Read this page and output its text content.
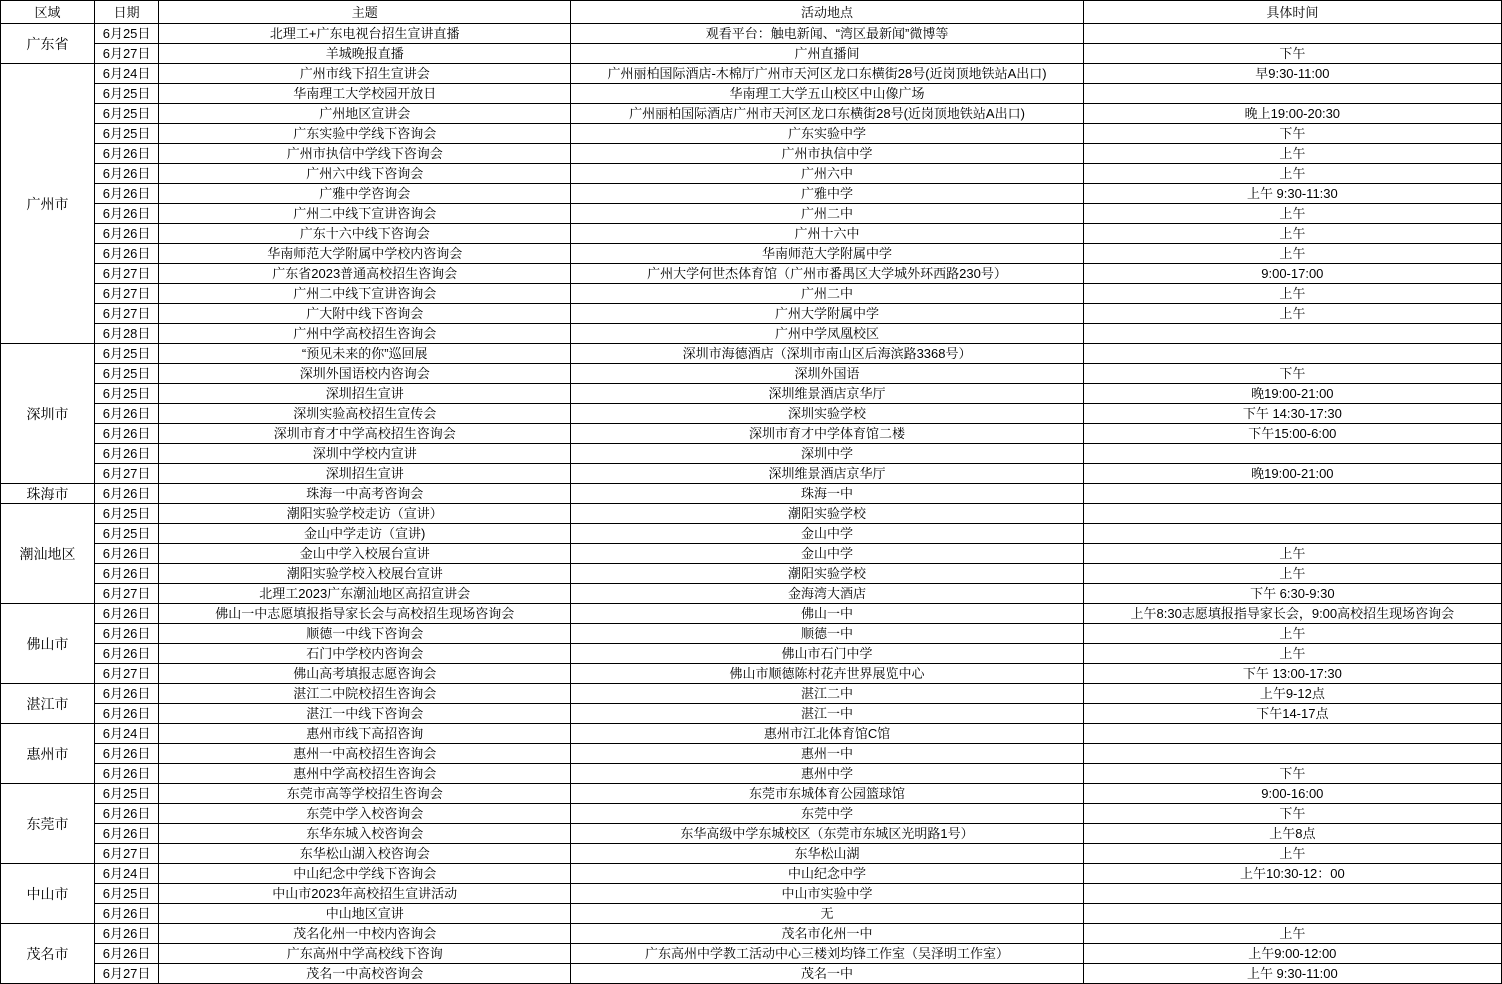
区域	日期	主题	活动地点	具体时间
广东省	6月25日	北理工+广东电视台招生宣讲直播	观看平台：触电新闻、“湾区最新闻”微博等	
	6月27日	羊城晚报直播	广州直播间	下午
广州市	6月24日	广州市线下招生宣讲会	广州丽柏国际酒店-木棉厅广州市天河区龙口东横街28号(近岗顶地铁站A出口)	早9:30-11:00
	6月25日	华南理工大学校园开放日	华南理工大学五山校区中山像广场	
	6月25日	广州地区宣讲会	广州丽柏国际酒店广州市天河区龙口东横街28号(近岗顶地铁站A出口)	晚上19:00-20:30
	6月25日	广东实验中学线下咨询会	广东实验中学	下午
	6月26日	广州市执信中学线下咨询会	广州市执信中学	上午
	6月26日	广州六中线下咨询会	广州六中	上午
	6月26日	广雅中学咨询会	广雅中学	上午 9:30-11:30
	6月26日	广州二中线下宣讲咨询会	广州二中	上午
	6月26日	广东十六中线下咨询会	广州十六中	上午
	6月26日	华南师范大学附属中学校内咨询会	华南师范大学附属中学	上午
	6月27日	广东省2023普通高校招生咨询会	广州大学何世杰体育馆（广州市番禺区大学城外环西路230号）	9:00-17:00
	6月27日	广州二中线下宣讲咨询会	广州二中	上午
	6月27日	广大附中线下咨询会	广州大学附属中学	上午
	6月28日	广州中学高校招生咨询会	广州中学凤凰校区	
深圳市	6月25日	“预见未来的你”巡回展	深圳市海德酒店（深圳市南山区后海滨路3368号）	
	6月25日	深圳外国语校内咨询会	深圳外国语	下午
	6月25日	深圳招生宣讲	深圳维景酒店京华厅	晚19:00-21:00
	6月26日	深圳实验高校招生宣传会	深圳实验学校	下午 14:30-17:30
	6月26日	深圳市育才中学高校招生咨询会	深圳市育才中学体育馆二楼	下午15:00-6:00
	6月26日	深圳中学校内宣讲	深圳中学	
	6月27日	深圳招生宣讲	深圳维景酒店京华厅	晚19:00-21:00
珠海市	6月26日	珠海一中高考咨询会	珠海一中	
潮汕地区	6月25日	潮阳实验学校走访（宣讲）	潮阳实验学校	
	6月25日	金山中学走访（宣讲)	金山中学	
	6月26日	金山中学入校展台宣讲	金山中学	上午
	6月26日	潮阳实验学校入校展台宣讲	潮阳实验学校	上午
	6月27日	北理工2023广东潮汕地区高招宣讲会	金海湾大酒店	下午 6:30-9:30
佛山市	6月26日	佛山一中志愿填报指导家长会与高校招生现场咨询会	佛山一中	上午8:30志愿填报指导家长会，9:00高校招生现场咨询会
	6月26日	顺德一中线下咨询会	顺德一中	上午
	6月26日	石门中学校内咨询会	佛山市石门中学	上午
	6月27日	佛山高考填报志愿咨询会	佛山市顺德陈村花卉世界展览中心	下午 13:00-17:30
湛江市	6月26日	湛江二中院校招生咨询会	湛江二中	上午9-12点
	6月26日	湛江一中线下咨询会	湛江一中	下午14-17点
惠州市	6月24日	惠州市线下高招咨询	惠州市江北体育馆C馆	
	6月26日	惠州一中高校招生咨询会	惠州一中	
	6月26日	惠州中学高校招生咨询会	惠州中学	下午
东莞市	6月25日	东莞市高等学校招生咨询会	东莞市东城体育公园篮球馆	9:00-16:00
	6月26日	东莞中学入校咨询会	东莞中学	下午
	6月26日	东华东城入校咨询会	东华高级中学东城校区（东莞市东城区光明路1号）	上午8点
	6月27日	东华松山湖入校咨询会	东华松山湖	上午
中山市	6月24日	中山纪念中学线下咨询会	中山纪念中学	上午10:30-12：00
	6月25日	中山市2023年高校招生宣讲活动	中山市实验中学	
	6月26日	中山地区宣讲	无	
茂名市	6月26日	茂名化州一中校内咨询会	茂名市化州一中	上午
	6月26日	广东高州中学高校线下咨询	广东高州中学教工活动中心三楼刘均锋工作室（吴泽明工作室）	上午9:00-12:00
	6月27日	茂名一中高校咨询会	茂名一中	上午 9:30-11:00
